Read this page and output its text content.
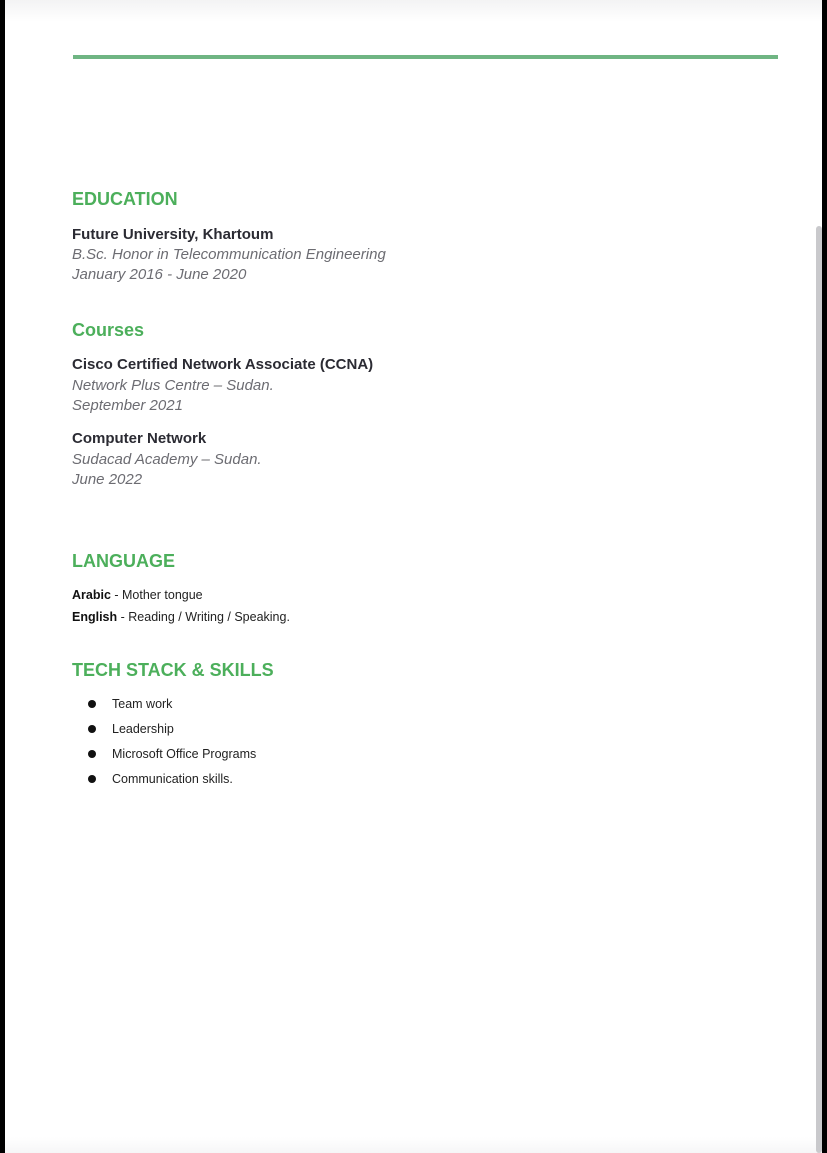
EDUCATION
Future University, Khartoum
B.Sc. Honor in Telecommunication Engineering
January 2016 - June 2020
Courses
Cisco Certified Network Associate (CCNA)
Network Plus Centre – Sudan.
September 2021
Computer Network
Sudacad Academy – Sudan.
June 2022
LANGUAGE
Arabic - Mother tongue
English - Reading / Writing / Speaking.
TECH STACK & SKILLS
Team work
Leadership
Microsoft Office Programs
Communication skills.
